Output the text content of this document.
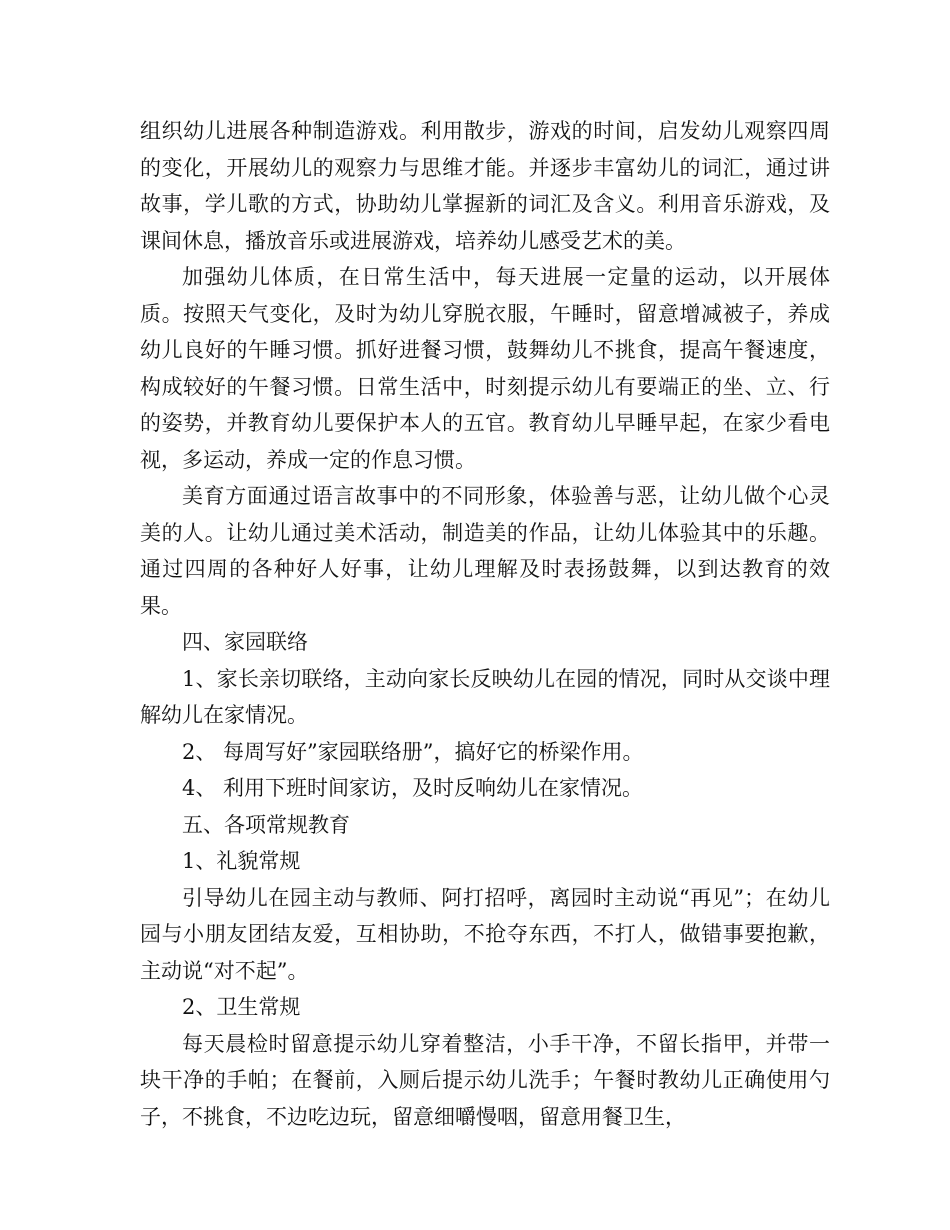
组织幼儿进展各种制造游戏。利用散步，游戏的时间，启发幼儿观察四周的变化，开展幼儿的观察力与思维才能。并逐步丰富幼儿的词汇，通过讲故事，学儿歌的方式，协助幼儿掌握新的词汇及含义。利用音乐游戏，及课间休息，播放音乐或进展游戏，培养幼儿感受艺术的美。

加强幼儿体质，在日常生活中，每天进展一定量的运动，以开展体质。按照天气变化，及时为幼儿穿脱衣服，午睡时，留意增减被子，养成幼儿良好的午睡习惯。抓好进餐习惯，鼓舞幼儿不挑食，提高午餐速度，构成较好的午餐习惯。日常生活中，时刻提示幼儿有要端正的坐、立、行的姿势，并教育幼儿要保护本人的五官。教育幼儿早睡早起，在家少看电视，多运动，养成一定的作息习惯。

美育方面通过语言故事中的不同形象，体验善与恶，让幼儿做个心灵美的人。让幼儿通过美术活动，制造美的作品，让幼儿体验其中的乐趣。通过四周的各种好人好事，让幼儿理解及时表扬鼓舞，以到达教育的效果。

四、家园联络

1、家长亲切联络，主动向家长反映幼儿在园的情况，同时从交谈中理解幼儿在家情况。

2、 每周写好”家园联络册”，搞好它的桥梁作用。

4、 利用下班时间家访，及时反响幼儿在家情况。

五、各项常规教育

1、礼貌常规

引导幼儿在园主动与教师、阿打招呼，离园时主动说“再见”；在幼儿园与小朋友团结友爱，互相协助，不抢夺东西，不打人，做错事要抱歉，主动说“对不起”。

2、卫生常规

每天晨检时留意提示幼儿穿着整洁，小手干净，不留长指甲，并带一块干净的手帕；在餐前，入厕后提示幼儿洗手；午餐时教幼儿正确使用勺子，不挑食，不边吃边玩，留意细嚼慢咽，留意用餐卫生，
